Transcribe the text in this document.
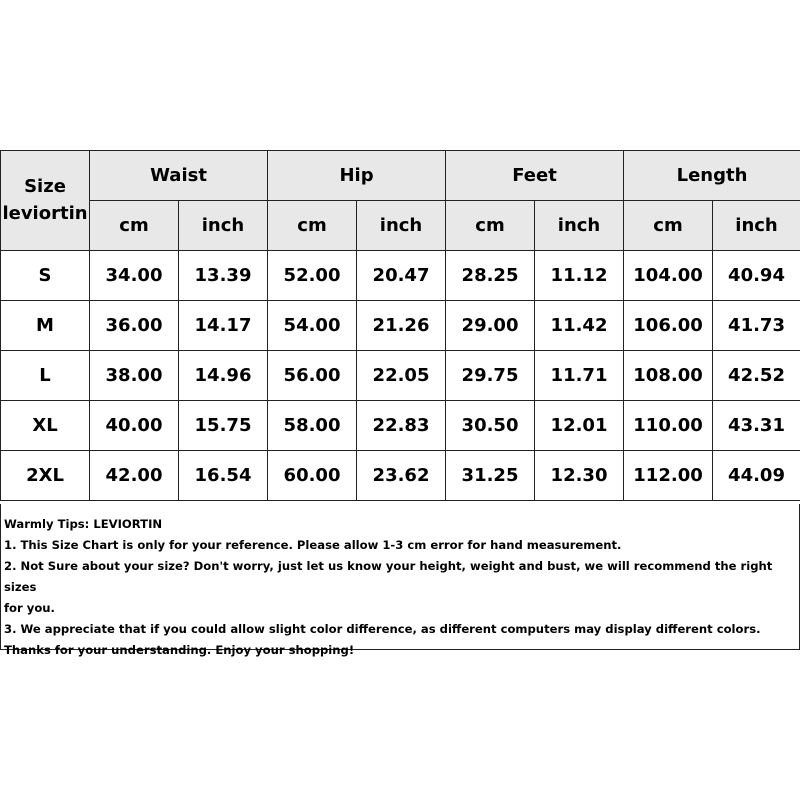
Size
leviortin	Waist		Hip		Feet		Length	
	cm	inch	cm	inch	cm	inch	cm	inch
S	34.00	13.39	52.00	20.47	28.25	11.12	104.00	40.94
M	36.00	14.17	54.00	21.26	29.00	11.42	106.00	41.73
L	38.00	14.96	56.00	22.05	29.75	11.71	108.00	42.52
XL	40.00	15.75	58.00	22.83	30.50	12.01	110.00	43.31
2XL	42.00	16.54	60.00	23.62	31.25	12.30	112.00	44.09
Warmly Tips: LEVIORTIN
1. This Size Chart is only for your reference. Please allow 1-3 cm error for hand measurement.
2. Not Sure about your size? Don't worry, just let us know your height, weight and bust, we will recommend the right sizes
for you.
3. We appreciate that if you could allow slight color difference, as different computers may display different colors.
Thanks for your understanding. Enjoy your shopping!
